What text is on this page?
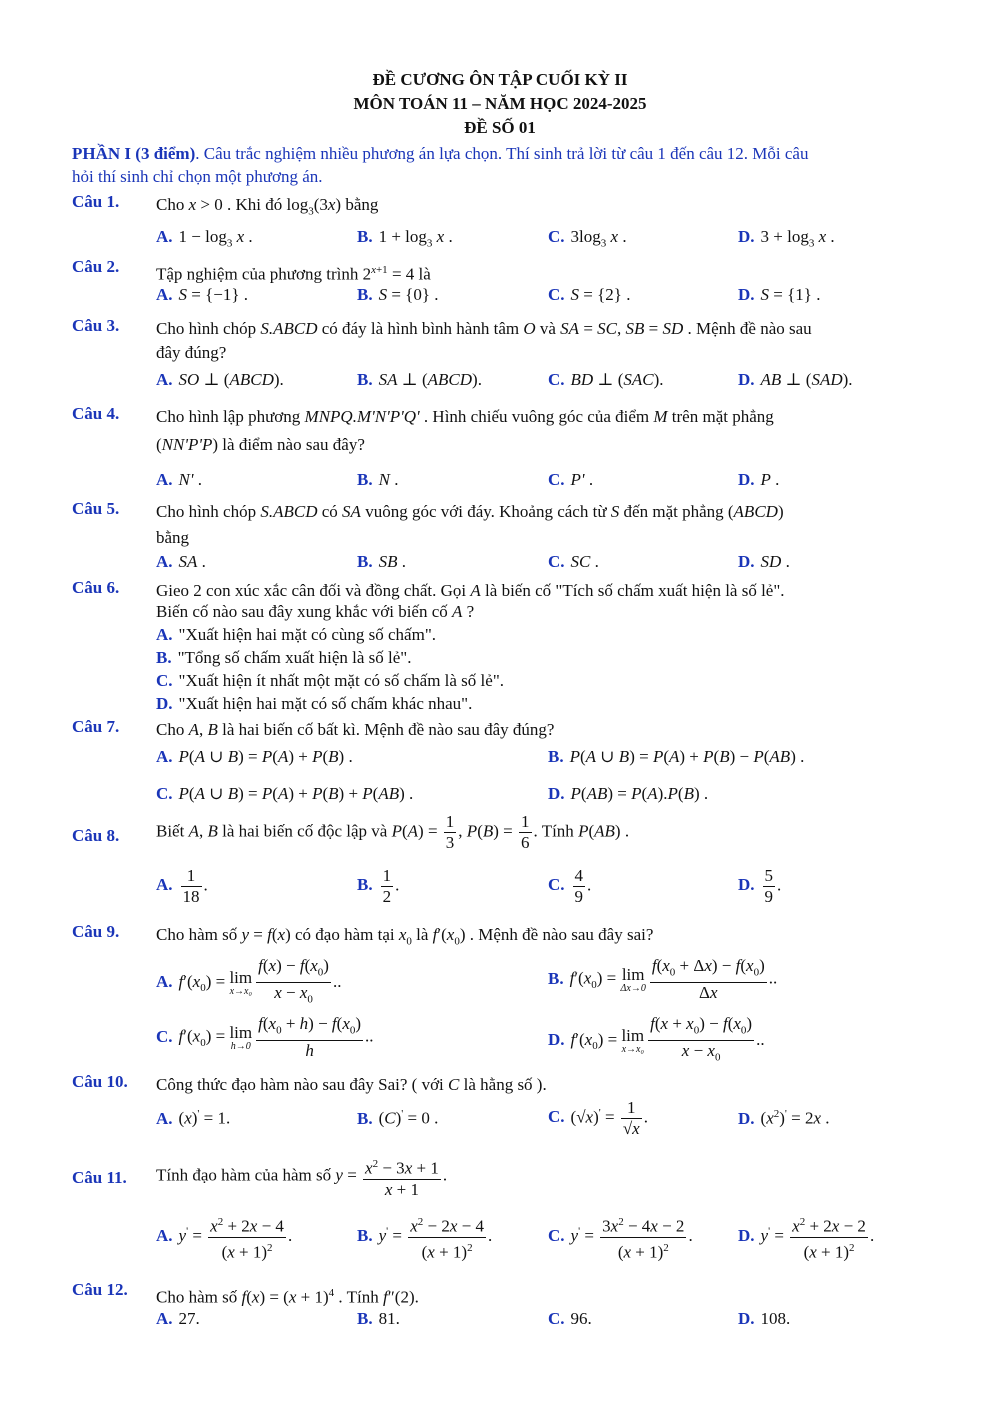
ĐỀ CƯƠNG ÔN TẬP CUỐI KỲ II
MÔN TOÁN 11 – NĂM HỌC 2024-2025
ĐỀ SỐ 01
PHẦN I (3 điểm). Câu trắc nghiệm nhiều phương án lựa chọn. Thí sinh trả lời từ câu 1 đến câu 12. Mỗi câu
hỏi thí sinh chỉ chọn một phương án.
Câu 1. Cho x > 0 . Khi đó $\log_3(3x)$ bằng
A. $1 - \log_3 x$ .	B. $1 + \log_3 x$ .	C. $3\log_3$ x .	D. $3 + \log_3 x$ .
Câu 2. Tập nghiệm của phương trình $2^{x+1} = 4$ là
A. S = {−1} .	B. S = {0} .	C. S = {2} .	D. S = {1} .
Câu 3. Cho hình chóp S.ABCD có đáy là hình bình hành tâm O và SA = SC, SB = SD . Mệnh đề nào sau
đây đúng?
A. SO ⊥ (ABCD).	B. SA ⊥ (ABCD).	C. BD ⊥ (SAC).	D. AB ⊥ (SAD).
Câu 4. Cho hình lập phương MNPQ.M'N'P'Q' . Hình chiếu vuông góc của điểm M trên mặt phẳng
(NN'P'P) là điểm nào sau đây?
A. N' .	B. N .	C. P' .	D. P .
Câu 5. Cho hình chóp S.ABCD có SA vuông góc với đáy. Khoảng cách từ S đến mặt phẳng (ABCD)
bằng
A. SA .	B. SB .	C. SC .	D. SD .
Câu 6. Gieo 2 con xúc xắc cân đối và đồng chất. Gọi A là biến cố "Tích số chấm xuất hiện là số lẻ".
Biến cố nào sau đây xung khắc với biến cố A ?
A. "Xuất hiện hai mặt có cùng số chấm".
B. "Tổng số chấm xuất hiện là số lẻ".
C. "Xuất hiện ít nhất một mặt có số chấm là số lẻ".
D. "Xuất hiện hai mặt có số chấm khác nhau".
Câu 7. Cho A, B là hai biến cố bất kì. Mệnh đề nào sau đây đúng?
A. P(A ∪ B) = P(A) + P(B) .	B. P(A ∪ B) = P(A) + P(B) − P(AB) .
C. P(A ∪ B) = P(A) + P(B) + P(AB) .	D. P(AB) = P(A).P(B) .
Câu 8. Biết A, B là hai biến cố độc lập và $P(A) = \frac{1}{3}$ , $P(B) = \frac{1}{6}$ . Tính P(AB) .
A. $\frac{1}{18}$ .	B. $\frac{1}{2}$ .	C. $\frac{4}{9}$ .	D. $\frac{5}{9}$ .
Câu 9. Cho hàm số y = f(x) có đạo hàm tại $x_0$ là $f'(x_0)$ . Mệnh đề nào sau đây sai?
A. $f'(x_0) = \lim$
$x\to x_0 \frac{f(x) - f(x_0)}{x - x_0}$ ..	B. $f'(x_0) = \lim$
$\Delta x\to 0 \frac{f(x_0 + \Delta x) - f(x_0)}{\Delta x}$ ..
C. $f'(x_0) = \lim$
$h\to 0 \frac{f(x_0 + h) - f(x_0)}{h}$ ..	D. $f'(x_0) = \lim$
$x\to x_0 \frac{f(x + x_0) - f(x_0)}{x - x_0}$ ..
Câu 10. Công thức đạo hàm nào sau đây Sai? ( với C là hằng số ).
A. (x)' = 1.	B. (C)' = 0 .	C. $(√x)' = \frac{1}{√x}$ .	D. $(x^2)' = 2x$ .
Câu 11. Tính đạo hàm của hàm số $y = \frac{x^2 - 3x + 1}{x + 1}$ .
A. $y' = \frac{x^2 + 2x - 4}{(x + 1)^2}$ .	B. $y' = \frac{x^2 - 2x - 4}{(x + 1)^2}$ .	C. $y' = \frac{3x^2 - 4x - 2}{(x + 1)^2}$ .	D. $y' = \frac{x^2 + 2x - 2}{(x + 1)^2}$ .
Câu 12. Cho hàm số $f(x) = (x + 1)^4$ . Tính f″(2).
A. 27.	B. 81.	C. 96.	D. 108.
